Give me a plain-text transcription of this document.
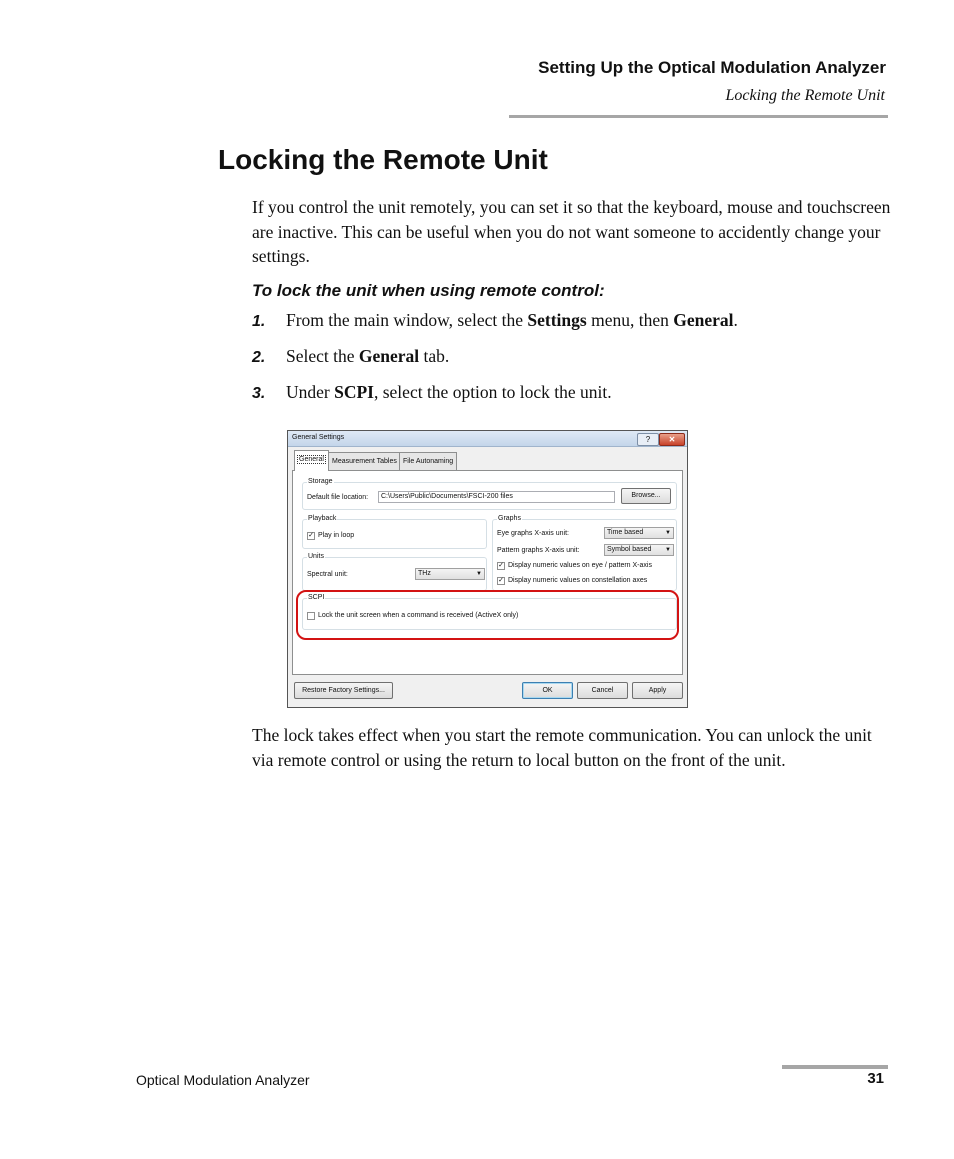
Setting Up the Optical Modulation Analyzer
Locking the Remote Unit
Locking the Remote Unit
If you control the unit remotely, you can set it so that the keyboard, mouse and touchscreen are inactive. This can be useful when you do not want someone to accidently change your settings.
To lock the unit when using remote control:
1. From the main window, select the Settings menu, then General.
2. Select the General tab.
3. Under SCPI, select the option to lock the unit.
General Settings	?	✕
General	Measurement Tables File Autonaming
Storage
Default file location:	C:\Users\Public\Documents\FSCI-200 files	Browse...
Playback
✓ Play in loop
Units
Spectral unit:	THz	▼
Graphs
Eye graphs X-axis unit:	Time based	▼
Pattern graphs X-axis unit:	Symbol based ▼
✓ Display numeric values on eye / pattern X-axis
✓ Display numeric values on constellation axes
SCPI
Lock the unit screen when a command is received (ActiveX only)
Restore Factory Settings...	OK	Cancel	Apply
The lock takes effect when you start the remote communication. You can unlock the unit via remote control or using the return to local button on the front of the unit.
Optical Modulation Analyzer	31
